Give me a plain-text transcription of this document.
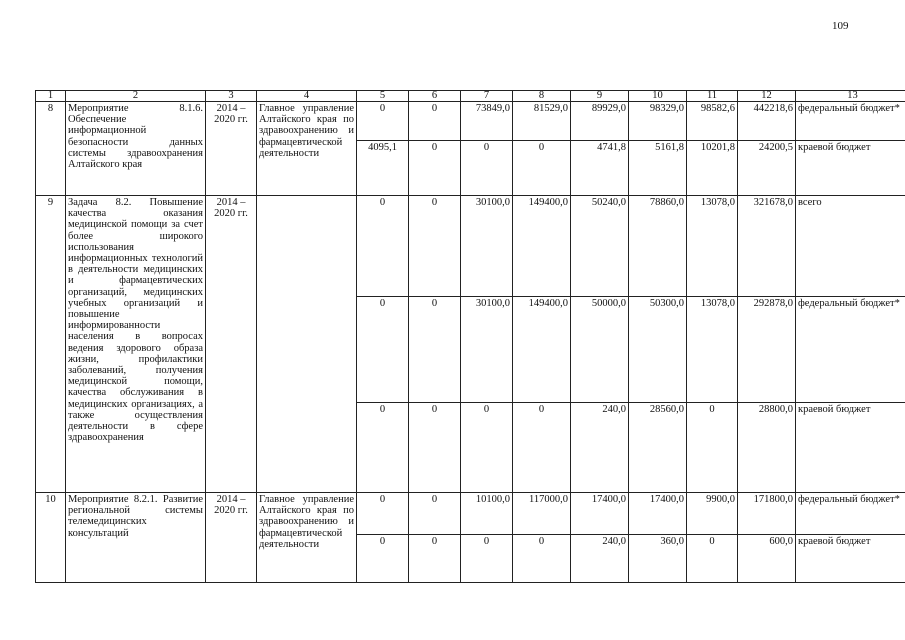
109
1	2	3	4	5	6	7	8	9	10	11	12	13
8	Мероприятие 8.1.6. Обеспечение информационной безопасности данных системы здравоохранения Алтайского края	2014 – 2020 гг.	Главное управление Алтайского края по здравоохранению и фармацевтической деятельности	0	0	73849,0	81529,0	89929,0	98329,0	98582,6	442218,6	федеральный бюджет*
				4095,1	0	0	0	4741,8	5161,8	10201,8	24200,5	краевой бюджет
9	Задача 8.2. Повышение качества оказания медицинской помощи за счет более широкого использования информационных технологий в деятельности медицинских и фармацевтических организаций, медицинских учебных организаций и повышение информированности населения в вопросах ведения здорового образа жизни, профилактики заболеваний, получения медицинской помощи, качества обслуживания в медицинских организациях, а также осуществления деятельности в сфере здравоохранения	2014 – 2020 гг.		0	0	30100,0	149400,0	50240,0	78860,0	13078,0	321678,0	всего
				0	0	30100,0	149400,0	50000,0	50300,0	13078,0	292878,0	федеральный бюджет*
				0	0	0	0	240,0	28560,0	0	28800,0	краевой бюджет
10	Мероприятие 8.2.1. Развитие региональной системы телемедицинских консультаций	2014 – 2020 гг.	Главное управление Алтайского края по здравоохранению и фармацевтической деятельности	0	0	10100,0	117000,0	17400,0	17400,0	9900,0	171800,0	федеральный бюджет*
				0	0	0	0	240,0	360,0	0	600,0	краевой бюджет
